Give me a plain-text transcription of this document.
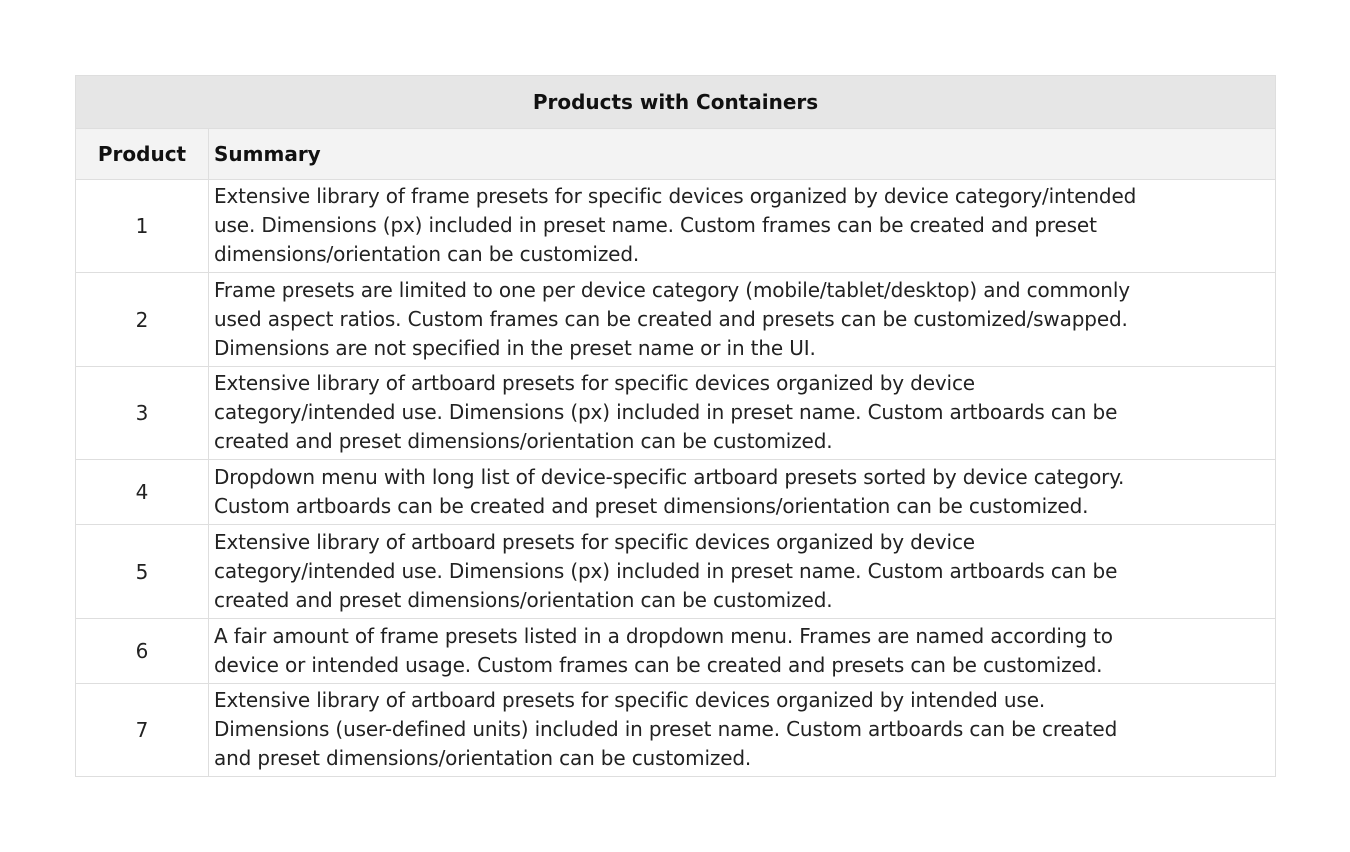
Products with Containers	
Product	Summary
1	Extensive library of frame presets for specific devices organized by device category/intended
use. Dimensions (px) included in preset name. Custom frames can be created and preset
dimensions/orientation can be customized.
2	Frame presets are limited to one per device category (mobile/tablet/desktop) and commonly
used aspect ratios. Custom frames can be created and presets can be customized/swapped.
Dimensions are not specified in the preset name or in the UI.
3	Extensive library of artboard presets for specific devices organized by device
category/intended use. Dimensions (px) included in preset name. Custom artboards can be
created and preset dimensions/orientation can be customized.
4	Dropdown menu with long list of device-specific artboard presets sorted by device category.
Custom artboards can be created and preset dimensions/orientation can be customized.
5	Extensive library of artboard presets for specific devices organized by device
category/intended use. Dimensions (px) included in preset name. Custom artboards can be
created and preset dimensions/orientation can be customized.
6	A fair amount of frame presets listed in a dropdown menu. Frames are named according to
device or intended usage. Custom frames can be created and presets can be customized.
7	Extensive library of artboard presets for specific devices organized by intended use.
Dimensions (user-defined units) included in preset name. Custom artboards can be created
and preset dimensions/orientation can be customized.
